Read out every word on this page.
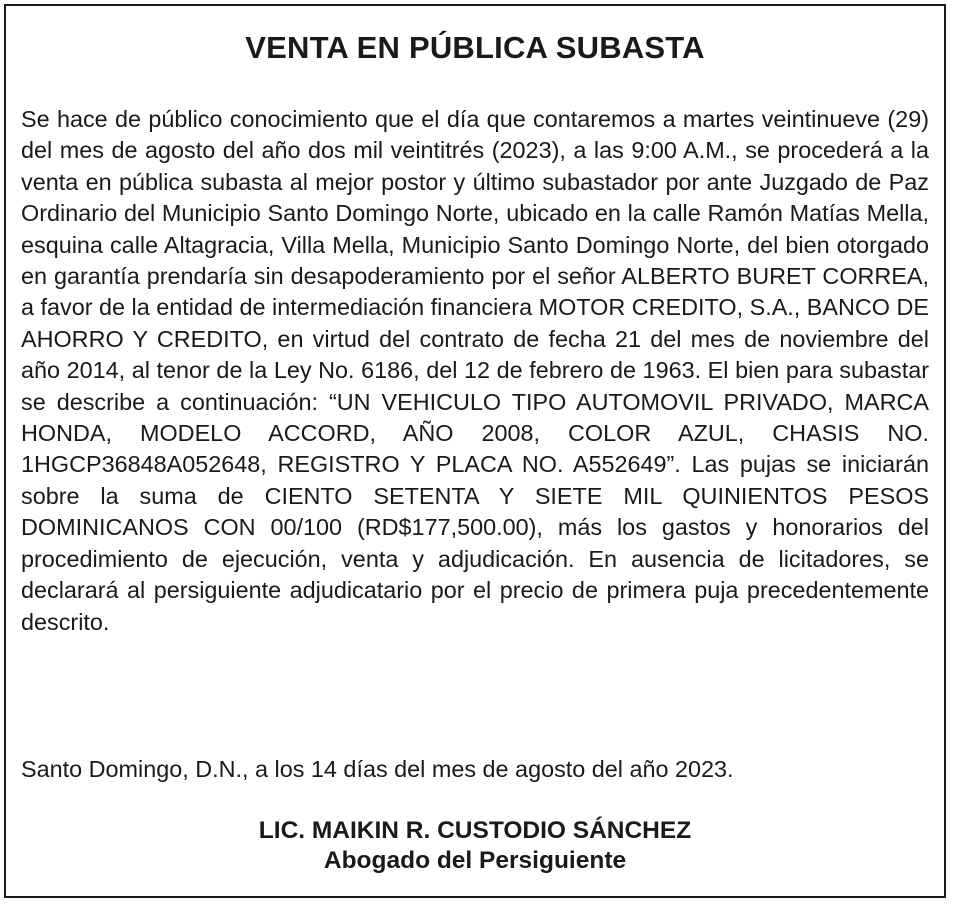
VENTA EN PÚBLICA SUBASTA

Se hace de público conocimiento que el día que contaremos a martes veintinueve (29) del mes de agosto del año dos mil veintitrés (2023), a las 9:00 A.M., se procederá a la venta en pública subasta al mejor postor y último subastador por ante Juzgado de Paz Ordinario del Municipio Santo Domingo Norte, ubicado en la calle Ramón Matías Mella, esquina calle Altagracia, Villa Mella, Municipio Santo Domingo Norte, del bien otorgado en garantía prendaría sin desapoderamiento por el señor ALBERTO BURET CORREA, a favor de la entidad de intermediación financiera MOTOR CREDITO, S.A., BANCO DE AHORRO Y CREDITO, en virtud del contrato de fecha 21 del mes de noviembre del año 2014, al tenor de la Ley No. 6186, del 12 de febrero de 1963. El bien para subastar se describe a continuación: “UN VEHICULO TIPO AUTOMOVIL PRIVADO, MARCA HONDA, MODELO ACCORD, AÑO 2008, COLOR AZUL, CHASIS NO. 1HGCP36848A052648, REGISTRO Y PLACA NO. A552649”. Las pujas se iniciarán sobre la suma de CIENTO SETENTA Y SIETE MIL QUINIENTOS PESOS DOMINICANOS CON 00/100 (RD$177,500.00), más los gastos y honorarios del procedimiento de ejecución, venta y adjudicación. En ausencia de licitadores, se declarará al persiguiente adjudicatario por el precio de primera puja precedentemente descrito.

Santo Domingo, D.N., a los 14 días del mes de agosto del año 2023.

LIC. MAIKIN R. CUSTODIO SÁNCHEZ
Abogado del Persiguiente
